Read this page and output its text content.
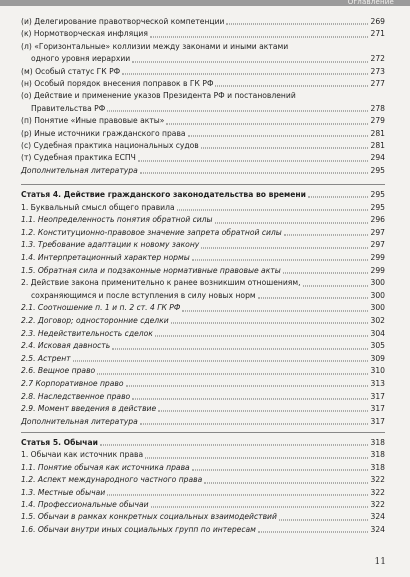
Оглавление
(и) Делегирование правотворческой компетенции	269
(к) Нормотворческая инфляция	271
(л) «Горизонтальные» коллизии между законами и иными актами
одного уровня иерархии	272
(м) Особый статус ГК РФ	273
(н) Особый порядок внесения поправок в ГК РФ	277
(о) Действие и применение указов Президента РФ и постановлений
Правительства РФ	278
(п) Понятие «Иные правовые акты»	279
(р) Иные источники гражданского права	281
(с) Судебная практика национальных судов	281
(т) Судебная практика ЕСПЧ	294
Дополнительная литература	295
Статья 4. Действие гражданского законодательства во времени	295
1. Буквальный смысл общего правила	295
1.1. Неопределенность понятия обратной силы	296
1.2. Конституционно-правовое значение запрета обратной силы	297
1.3. Требование адаптации к новому закону	297
1.4. Интерпретационный характер нормы	299
1.5. Обратная сила и подзаконные нормативные правовые акты	299
2. Действие закона применительно к ранее возникшим отношениям,	300
сохраняющимся и после вступления в силу новых норм	300
2.1. Соотношение п. 1 и п. 2 ст. 4 ГК РФ	300
2.2. Договор; односторонние сделки	302
2.3. Недействительность сделок	304
2.4. Исковая давность	305
2.5. Астрент	309
2.6. Вещное право	310
2.7 Корпоративное право	313
2.8. Наследственное право	317
2.9. Момент введения в действие	317
Дополнительная литература	317
Статья 5. Обычаи	318
1. Обычаи как источник права	318
1.1. Понятие обычая как источника права	318
1.2. Аспект международного частного права	322
1.3. Местные обычаи	322
1.4. Профессиональные обычаи	322
1.5. Обычаи в рамках конкретных социальных взаимодействий	324
1.6. Обычаи внутри иных социальных групп по интересам	324
11
